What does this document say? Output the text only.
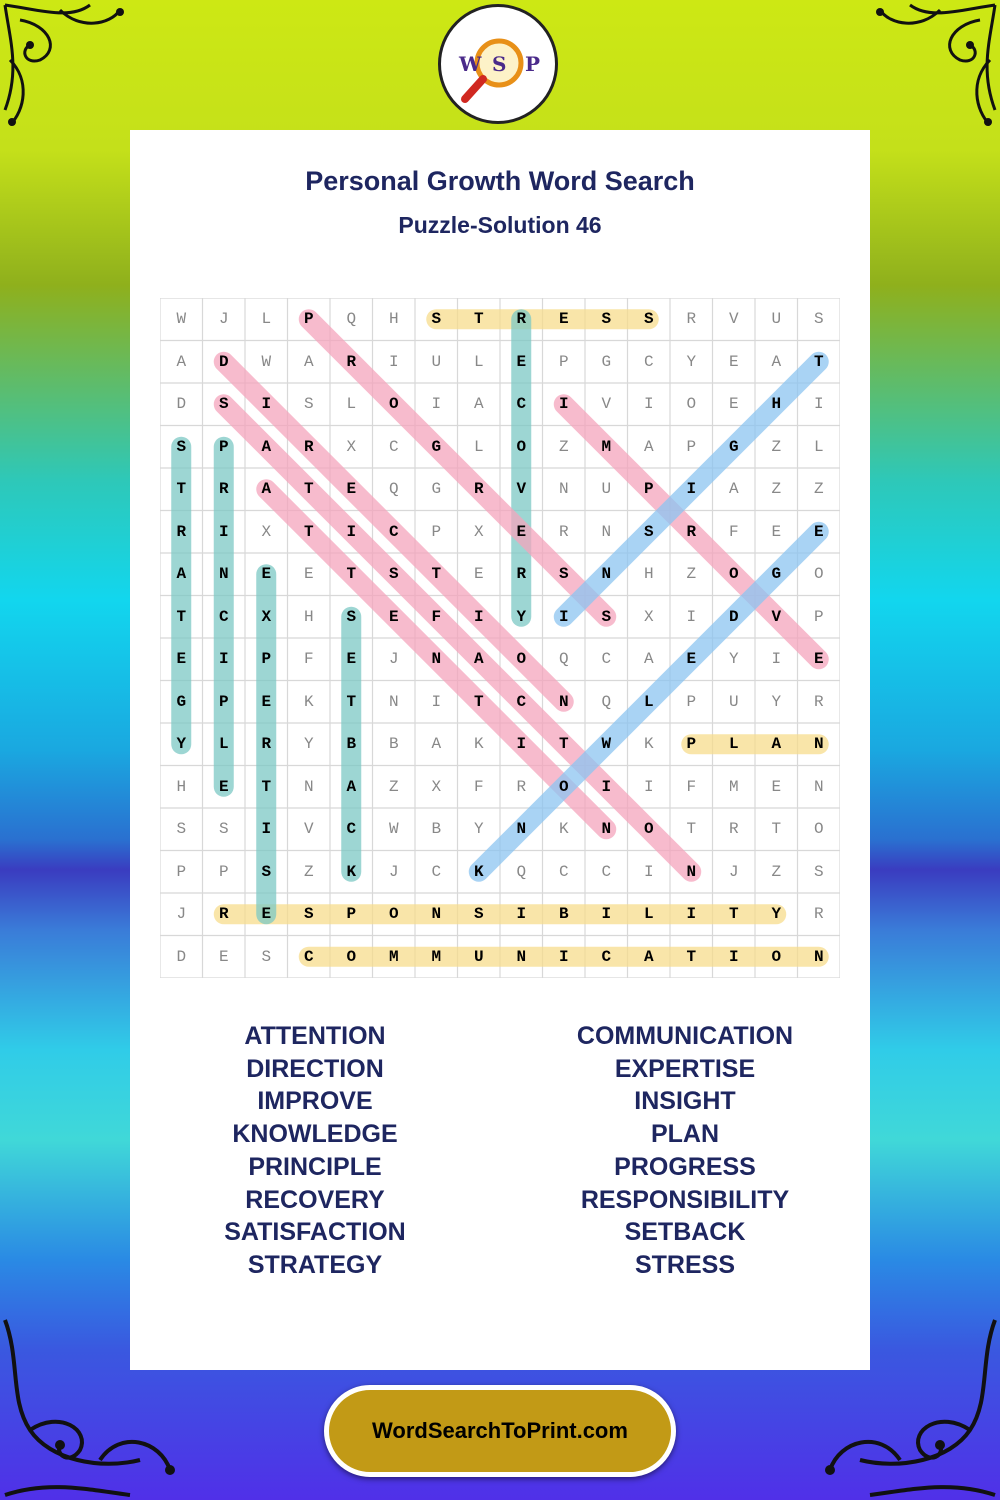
W S P
Personal Growth Word Search
Puzzle-Solution 46
W	J	L	P	Q	H	S	T	R	E	S	S	R	V	U	S
A	D	W	A	R	I	U	L	E	P	G	C	Y	E	A	T
D	S	I	S	L	O	I	A	C	I	V	I	O	E	H	I
S	P	A	R	X	C	G	L	O	Z	M	A	P	G	Z	L
T	R	A	T	E	Q	G	R	V	N	U	P	I	A	Z	Z
R	I	X	T	I	C	P	X	E	R	N	S	R	F	E	E
A	N	E	E	T	S	T	E	R	S	N	H	Z	O	G	O
T	C	X	H	S	E	F	I	Y	I	S	X	I	D	V	P
E	I	P	F	E	J	N	A	O	Q	C	A	E	Y	I	E
G	P	E	K	T	N	I	T	C	N	Q	L	P	U	Y	R
Y	L	R	Y	B	B	A	K	I	T	W	K	P	L	A	N
H	E	T	N	A	Z	X	F	R	O	I	I	F	M	E	N
S	S	I	V	C	W	B	Y	N	K	N	O	T	R	T	O
P	P	S	Z	K	J	C	K	Q	C	C	I	N	J	Z	S
J	R	E	S	P	O	N	S	I	B	I	L	I	T	Y	R
D	E	S	C	O	M	M	U	N	I	C	A	T	I	O	N
ATTENTION
DIRECTION
IMPROVE
KNOWLEDGE
PRINCIPLE
RECOVERY
SATISFACTION
STRATEGY
COMMUNICATION
EXPERTISE
INSIGHT
PLAN
PROGRESS
RESPONSIBILITY
SETBACK
STRESS
WordSearchToPrint.com
